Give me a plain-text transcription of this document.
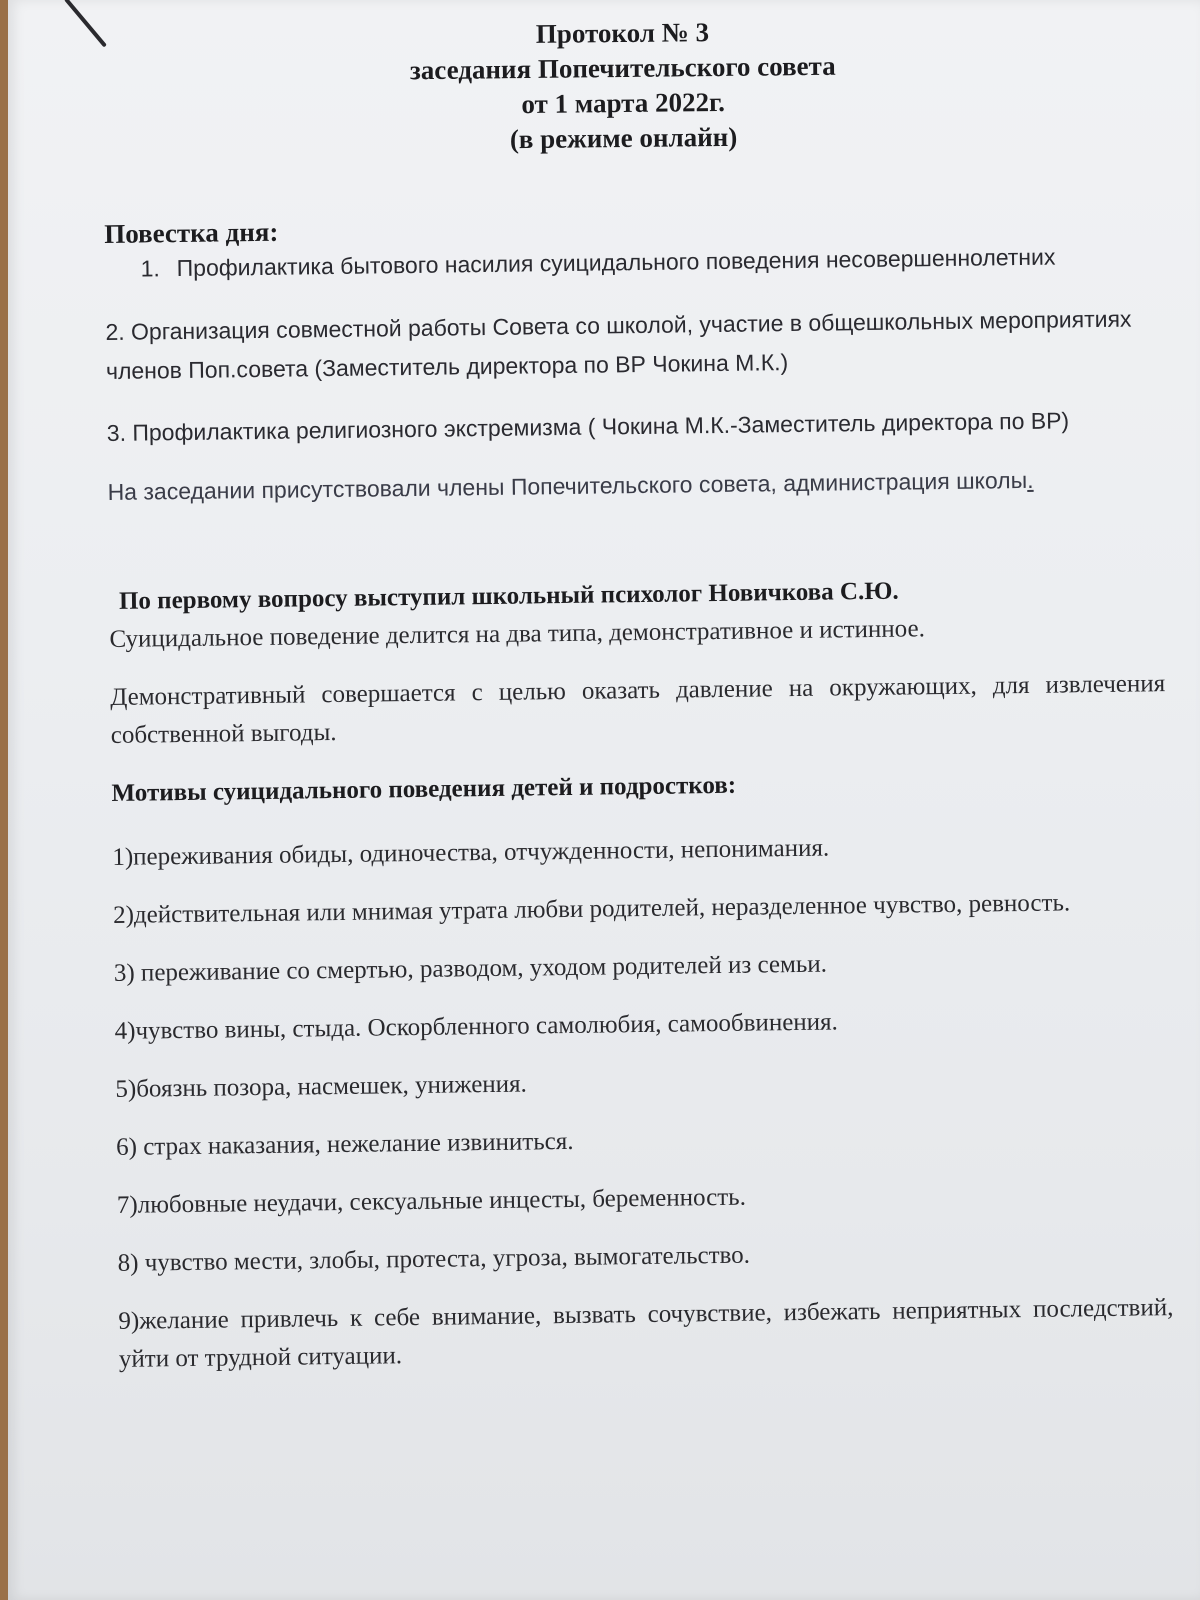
Протокол № 3
заседания Попечительского совета
от 1 марта 2022г.
(в режиме онлайн)
Повестка дня:
1. Профилактика бытового насилия суицидального поведения несовершеннолетних
2. Организация совместной работы Совета со школой, участие в общешкольных мероприятиях членов Поп.совета (Заместитель директора по ВР Чокина М.К.)
3. Профилактика религиозного экстремизма ( Чокина М.К.-Заместитель директора по ВР)
На заседании присутствовали члены Попечительского совета, администрация школы.
По первому вопросу выступил школьный психолог Новичкова С.Ю.
Суицидальное поведение делится на два типа, демонстративное и истинное.
Демонстративный совершается с целью оказать давление на окружающих, для извлечения собственной выгоды.
Мотивы суицидального поведения детей и подростков:
1)переживания обиды, одиночества, отчужденности, непонимания.
2)действительная или мнимая утрата любви родителей, неразделенное чувство, ревность.
3) переживание со смертью, разводом, уходом родителей из семьи.
4)чувство вины, стыда. Оскорбленного самолюбия, самообвинения.
5)боязнь позора, насмешек, унижения.
6) страх наказания, нежелание извиниться.
7)любовные неудачи, сексуальные инцесты, беременность.
8) чувство мести, злобы, протеста, угроза, вымогательство.
9)желание привлечь к себе внимание, вызвать сочувствие, избежать неприятных последствий, уйти от трудной ситуации.
